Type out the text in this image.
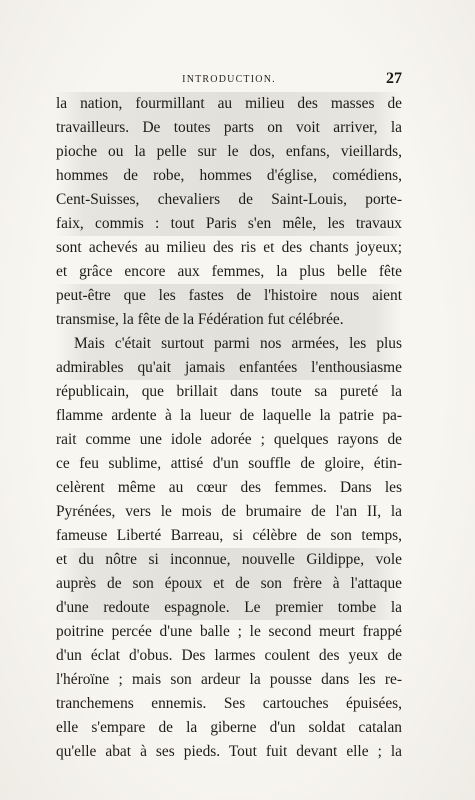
INTRODUCTION.	27
la nation, fourmillant au milieu des masses de
travailleurs. De toutes parts on voit arriver, la
pioche ou la pelle sur le dos, enfans, vieillards,
hommes de robe, hommes d'église, comédiens,
Cent-Suisses, chevaliers de Saint-Louis, porte-
faix, commis : tout Paris s'en mêle, les travaux
sont achevés au milieu des ris et des chants joyeux;
et grâce encore aux femmes, la plus belle fête
peut-être que les fastes de l'histoire nous aient
transmise, la fête de la Fédération fut célébrée.
Mais c'était surtout parmi nos armées, les plus
admirables qu'ait jamais enfantées l'enthousiasme
républicain, que brillait dans toute sa pureté la
flamme ardente à la lueur de laquelle la patrie pa-
rait comme une idole adorée ; quelques rayons de
ce feu sublime, attisé d'un souffle de gloire, étin-
celèrent même au cœur des femmes. Dans les
Pyrénées, vers le mois de brumaire de l'an II, la
fameuse Liberté Barreau, si célèbre de son temps,
et du nôtre si inconnue, nouvelle Gildippe, vole
auprès de son époux et de son frère à l'attaque
d'une redoute espagnole. Le premier tombe la
poitrine percée d'une balle ; le second meurt frappé
d'un éclat d'obus. Des larmes coulent des yeux de
l'héroïne ; mais son ardeur la pousse dans les re-
tranchemens ennemis. Ses cartouches épuisées,
elle s'empare de la giberne d'un soldat catalan
qu'elle abat à ses pieds. Tout fuit devant elle ; la
